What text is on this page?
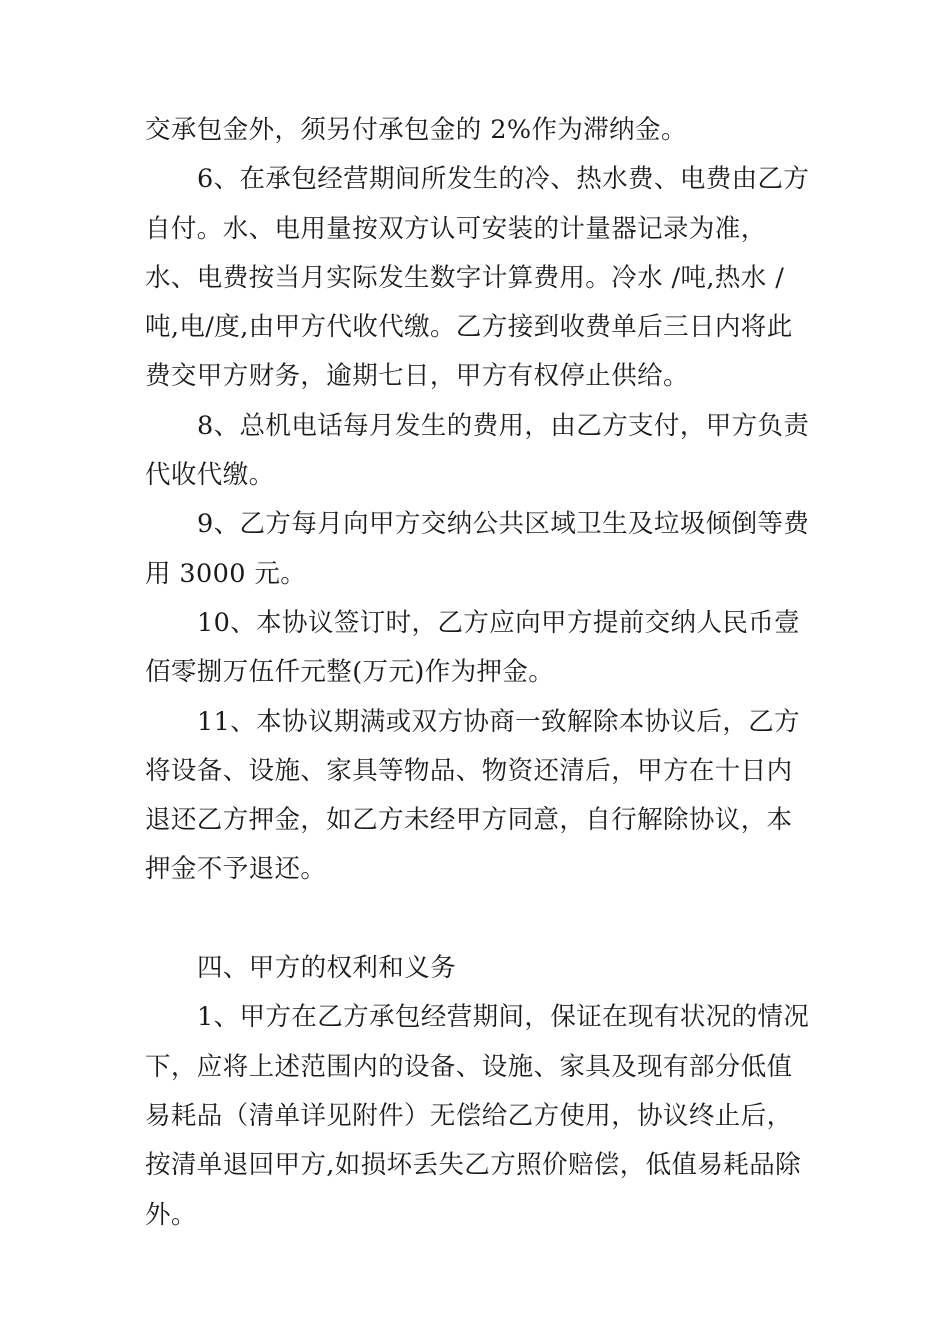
交承包金外，须另付承包金的 2%作为滞纳金。

6、在承包经营期间所发生的冷、热水费、电费由乙方自付。水、电用量按双方认可安装的计量器记录为准，水、电费按当月实际发生数字计算费用。冷水 /吨,热水 /吨,电/度,由甲方代收代缴。乙方接到收费单后三日内将此费交甲方财务，逾期七日，甲方有权停止供给。

8、总机电话每月发生的费用，由乙方支付，甲方负责代收代缴。

9、乙方每月向甲方交纳公共区域卫生及垃圾倾倒等费用 3000 元。

10、本协议签订时，乙方应向甲方提前交纳人民币壹佰零捌万伍仟元整(万元)作为押金。

11、本协议期满或双方协商一致解除本协议后，乙方将设备、设施、家具等物品、物资还清后，甲方在十日内退还乙方押金，如乙方未经甲方同意，自行解除协议，本押金不予退还。

四、甲方的权利和义务

1、甲方在乙方承包经营期间，保证在现有状况的情况下，应将上述范围内的设备、设施、家具及现有部分低值易耗品（清单详见附件）无偿给乙方使用，协议终止后，按清单退回甲方,如损坏丢失乙方照价赔偿，低值易耗品除外。
